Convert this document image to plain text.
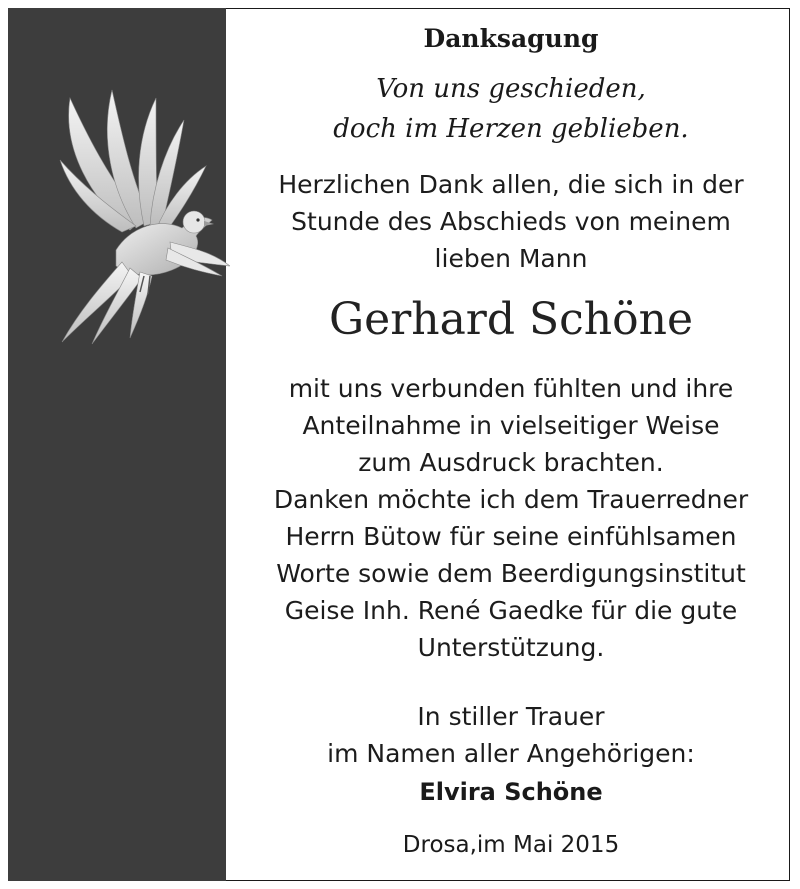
Danksagung
Von uns geschieden,
doch im Herzen geblieben.
Herzlichen Dank allen, die sich in der
Stunde des Abschieds von meinem
lieben Mann
Gerhard Schöne
mit uns verbunden fühlten und ihre
Anteilnahme in vielseitiger Weise
zum Ausdruck brachten.
Danken möchte ich dem Trauerredner
Herrn Bütow für seine einfühlsamen
Worte sowie dem Beerdigungsinstitut
Geise Inh. René Gaedke für die gute
Unterstützung.
In stiller Trauer
im Namen aller Angehörigen:
Elvira Schöne
Drosa,im Mai 2015
